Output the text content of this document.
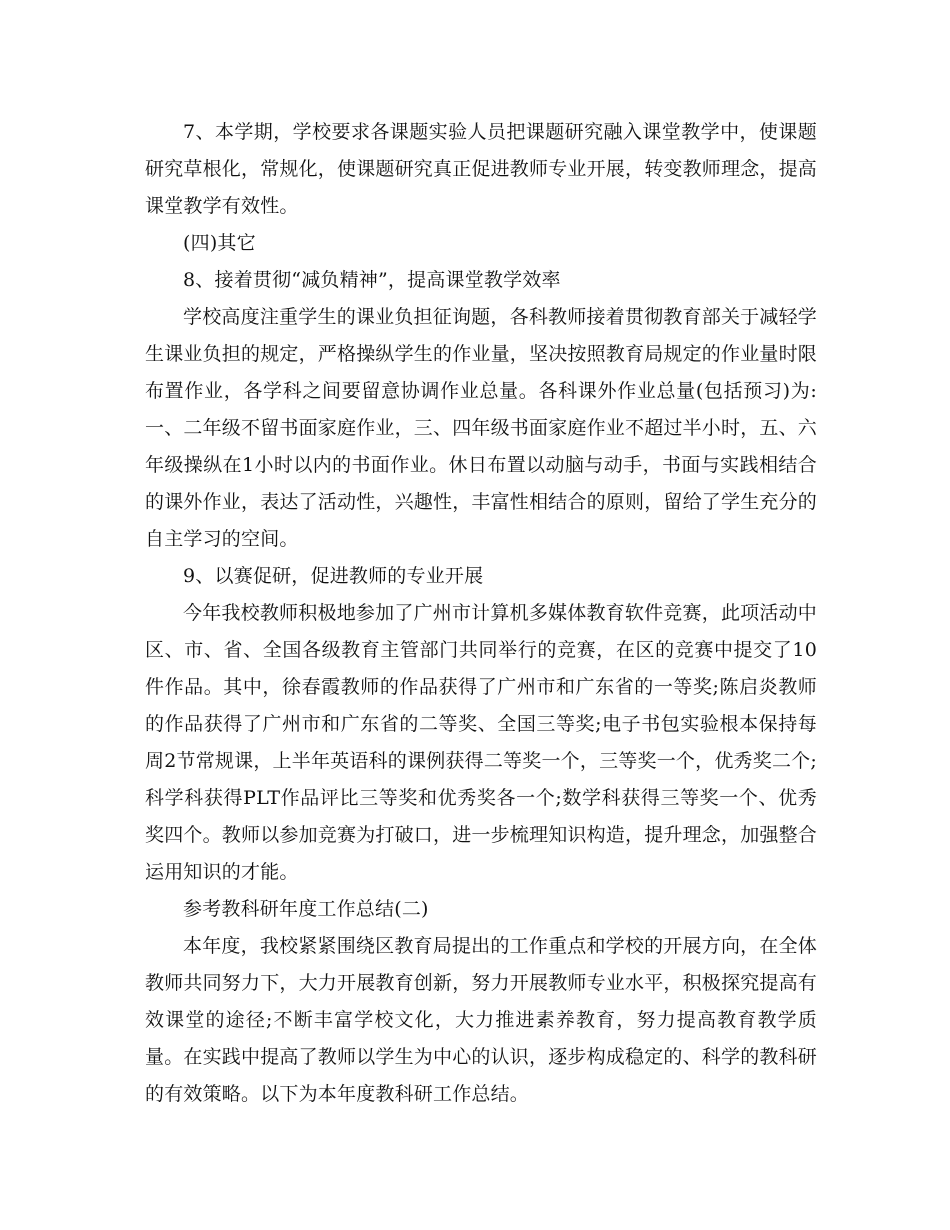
7、本学期，学校要求各课题实验人员把课题研究融入课堂教学中，使课题研究草根化，常规化，使课题研究真正促进教师专业开展，转变教师理念，提高课堂教学有效性。

(四)其它

8、接着贯彻“减负精神”，提高课堂教学效率

学校高度注重学生的课业负担征询题，各科教师接着贯彻教育部关于减轻学生课业负担的规定，严格操纵学生的作业量，坚决按照教育局规定的作业量时限布置作业，各学科之间要留意协调作业总量。各科课外作业总量(包括预习)为:一、二年级不留书面家庭作业，三、四年级书面家庭作业不超过半小时，五、六年级操纵在1小时以内的书面作业。休日布置以动脑与动手，书面与实践相结合的课外作业，表达了活动性，兴趣性，丰富性相结合的原则，留给了学生充分的自主学习的空间。

9、以赛促研，促进教师的专业开展

今年我校教师积极地参加了广州市计算机多媒体教育软件竞赛，此项活动中区、市、省、全国各级教育主管部门共同举行的竞赛，在区的竞赛中提交了10件作品。其中，徐春霞教师的作品获得了广州市和广东省的一等奖;陈启炎教师的作品获得了广州市和广东省的二等奖、全国三等奖;电子书包实验根本保持每周2节常规课，上半年英语科的课例获得二等奖一个，三等奖一个，优秀奖二个;科学科获得PLT作品评比三等奖和优秀奖各一个;数学科获得三等奖一个、优秀奖四个。教师以参加竞赛为打破口，进一步梳理知识构造，提升理念，加强整合运用知识的才能。

参考教科研年度工作总结(二)

本年度，我校紧紧围绕区教育局提出的工作重点和学校的开展方向，在全体教师共同努力下，大力开展教育创新，努力开展教师专业水平，积极探究提高有效课堂的途径;不断丰富学校文化，大力推进素养教育，努力提高教育教学质量。在实践中提高了教师以学生为中心的认识，逐步构成稳定的、科学的教科研的有效策略。以下为本年度教科研工作总结。
